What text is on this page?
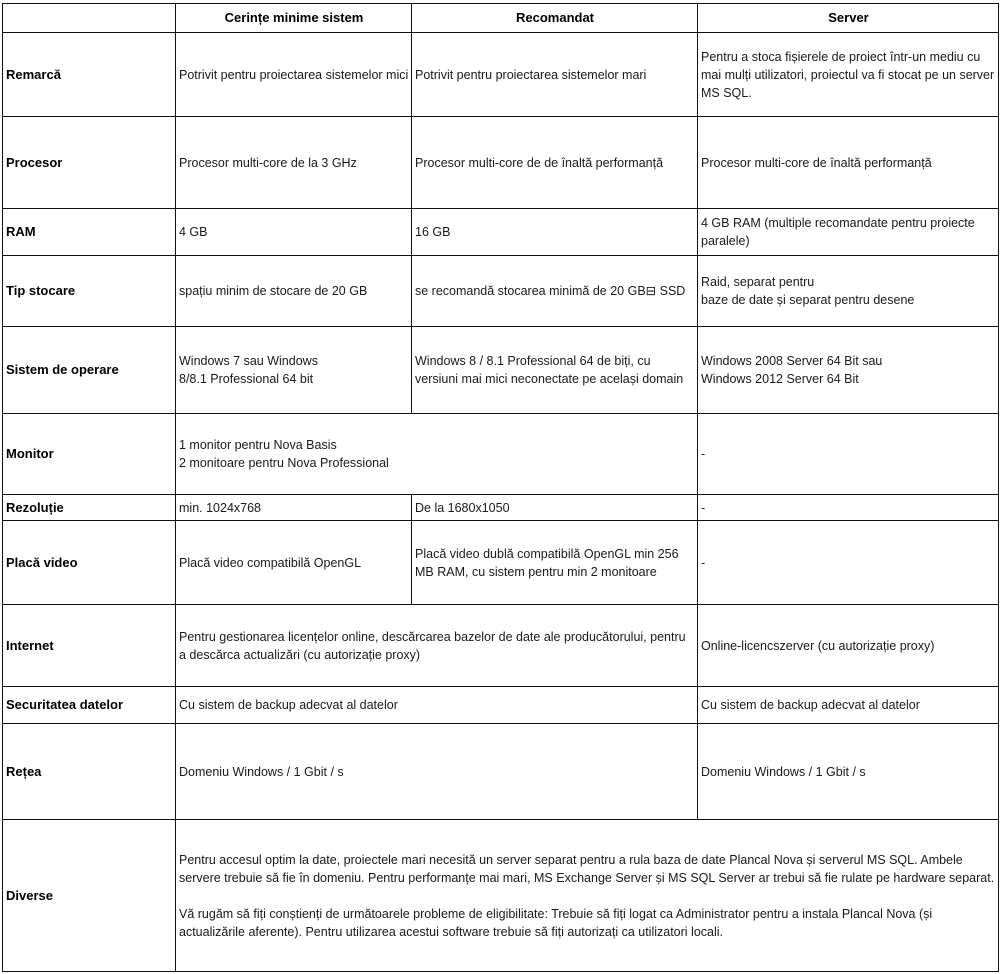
	Cerințe minime sistem	Recomandat	Server
Remarcă	Potrivit pentru proiectarea sistemelor mici	Potrivit pentru proiectarea sistemelor mari	Pentru a stoca fișierele de proiect într-un mediu cu mai mulți utilizatori, proiectul va fi stocat pe un server MS SQL.
Procesor	Procesor multi-core de la 3 GHz	Procesor multi-core de de înaltă performanță	Procesor multi-core de înaltă performanță
RAM	4 GB	16 GB	4 GB RAM (multiple recomandate pentru proiecte paralele)
Tip stocare	spațiu minim de stocare de 20 GB	se recomandă stocarea minimă de 20 GB⊟ SSD	Raid, separat pentru
baze de date și separat pentru desene
Sistem de operare	Windows 7 sau Windows
8/8.1 Professional 64 bit	Windows 8 / 8.1 Professional 64 de biți, cu versiuni mai mici neconectate pe același domain	Windows 2008 Server 64 Bit sau
Windows 2012 Server 64 Bit
Monitor	1 monitor pentru Nova Basis
2 monitoare pentru Nova Professional		-
Rezoluție	min. 1024x768	De la 1680x1050	-
Placă video	Placă video compatibilă OpenGL	Placă video dublă compatibilă OpenGL min 256 MB RAM, cu sistem pentru min 2 monitoare	-
Internet	Pentru gestionarea licențelor online, descărcarea bazelor de date ale producătorului, pentru a descărca actualizări (cu autorizație proxy)		Online-licencszerver (cu autorizație proxy)
Securitatea datelor	Cu sistem de backup adecvat al datelor		Cu sistem de backup adecvat al datelor
Rețea	Domeniu Windows / 1 Gbit / s		Domeniu Windows / 1 Gbit / s
Diverse	Pentru accesul optim la date, proiectele mari necesită un server separat pentru a rula baza de date Plancal Nova și serverul MS SQL. Ambele servere trebuie să fie în domeniu. Pentru performanțe mai mari, MS Exchange Server și MS SQL Server ar trebui să fie rulate pe hardware separat.
Vă rugăm să fiți conștienți de următoarele probleme de eligibilitate: Trebuie să fiți logat ca Administrator pentru a instala Plancal Nova (și actualizările aferente). Pentru utilizarea acestui software trebuie să fiți autorizați ca utilizatori locali.		
